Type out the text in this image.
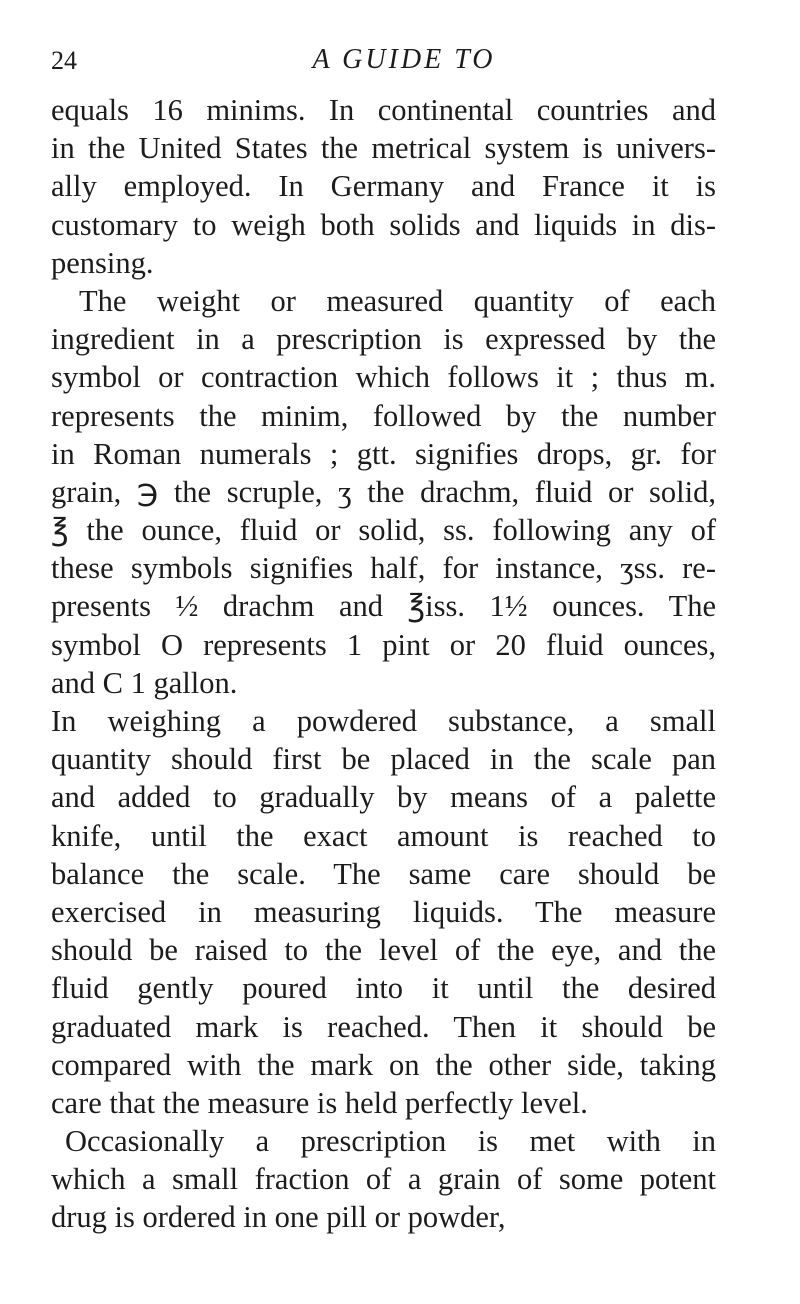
24	A GUIDE TO
equals 16 minims. In continental countries and
in the United States the metrical system is univers-
ally employed. In Germany and France it is
customary to weigh both solids and liquids in dis-
pensing.
The weight or measured quantity of each
ingredient in a prescription is expressed by the
symbol or contraction which follows it ; thus m.
represents the minim, followed by the number
in Roman numerals ; gtt. signifies drops, gr. for
grain, ℈ the scruple, ʒ the drachm, fluid or solid,
℥ the ounce, fluid or solid, ss. following any of
these symbols signifies half, for instance, ʒss. re-
presents ½ drachm and ℥iss. 1½ ounces. The
symbol O represents 1 pint or 20 fluid ounces,
and C 1 gallon.
In weighing a powdered substance, a small
quantity should first be placed in the scale pan
and added to gradually by means of a palette
knife, until the exact amount is reached to
balance the scale. The same care should be
exercised in measuring liquids. The measure
should be raised to the level of the eye, and the
fluid gently poured into it until the desired
graduated mark is reached. Then it should be
compared with the mark on the other side, taking
care that the measure is held perfectly level.
Occasionally a prescription is met with in
which a small fraction of a grain of some potent
drug is ordered in one pill or powder,
